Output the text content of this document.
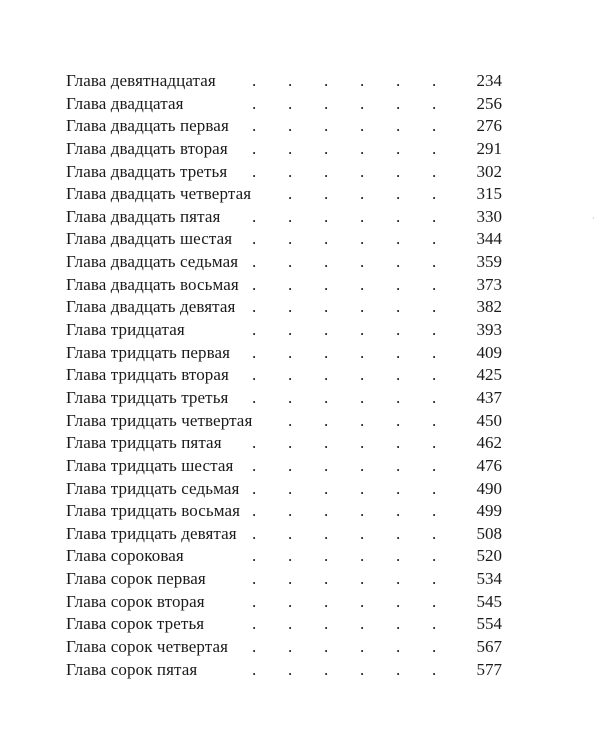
Глава девятнадцатая . . . . . . 234
Глава двадцатая	. . . . . . 256
Глава двадцать первая . . . . . . 276
Глава двадцать вторая . . . . . . 291
Глава двадцать третья . . . . . . 302
Глава двадцать четвертая . . . . . 315
Глава двадцать пятая . . . . . . 330
Глава двадцать шестая . . . . . . 344
Глава двадцать седьмая . . . . . . 359
Глава двадцать восьмая . . . . . . 373
Глава двадцать девятая . . . . . . 382
Глава тридцатая	. . . . . . 393
Глава тридцать первая . . . . . . 409
Глава тридцать вторая . . . . . . 425
Глава тридцать третья . . . . . . 437
Глава тридцать четвертая . . . . . 450
Глава тридцать пятая . . . . . . 462
Глава тридцать шестая . . . . . . 476
Глава тридцать седьмая . . . . . . 490
Глава тридцать восьмая . . . . . . 499
Глава тридцать девятая . . . . . . 508
Глава сороковая	. . . . . . 520
Глава сорок первая	. . . . . . 534
Глава сорок вторая	. . . . . . 545
Глава сорок третья	. . . . . . 554
Глава сорок четвертая . . . . . . 567
Глава сорок пятая	. . . . . . 577
·
